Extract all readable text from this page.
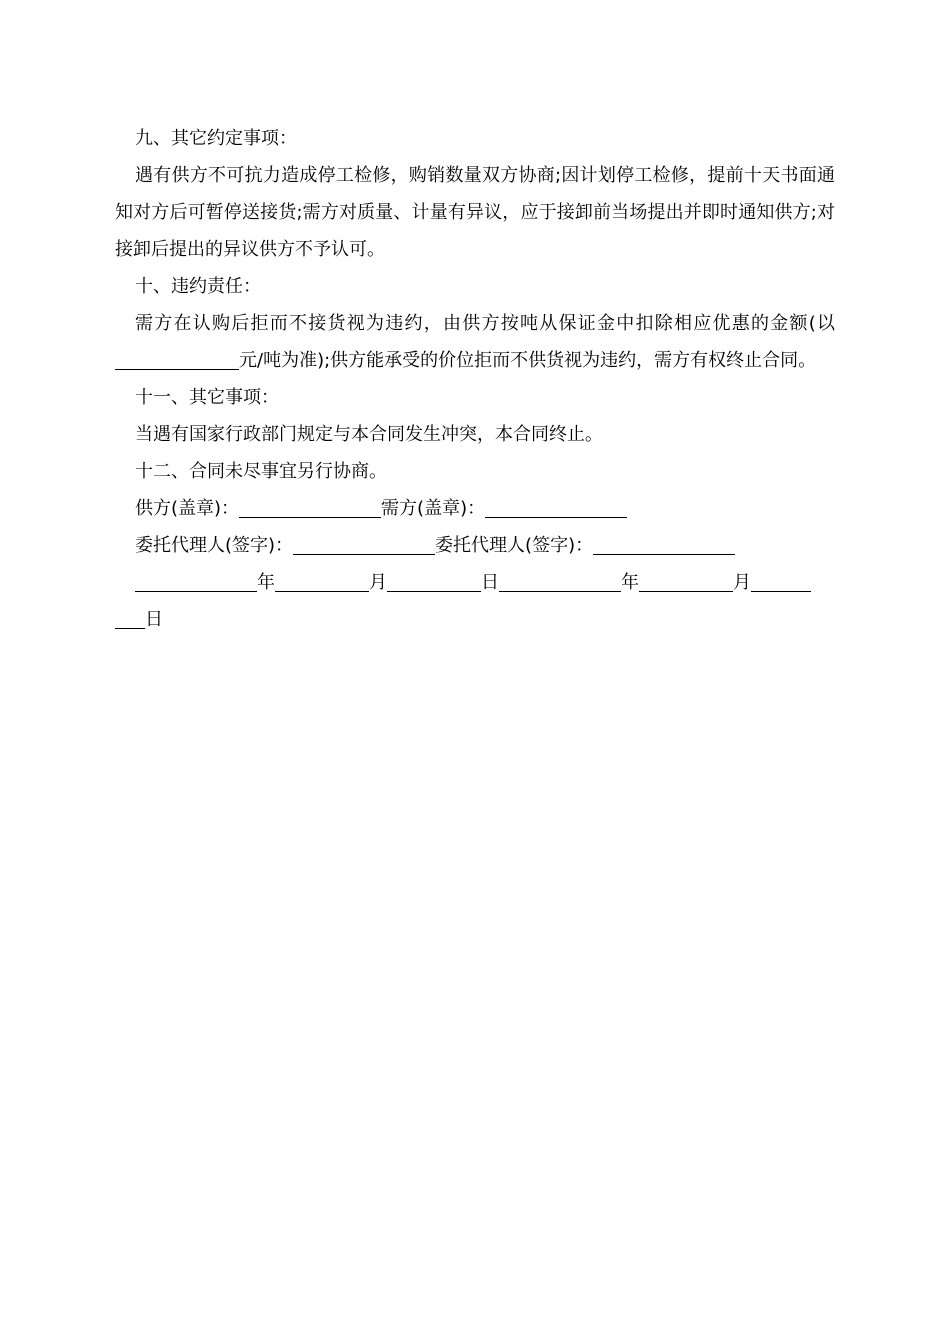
九、其它约定事项：

遇有供方不可抗力造成停工检修，购销数量双方协商;因计划停工检修，提前十天书面通知对方后可暂停送接货;需方对质量、计量有异议，应于接卸前当场提出并即时通知供方;对接卸后提出的异议供方不予认可。

十、违约责任：

需方在认购后拒而不接货视为违约，由供方按吨从保证金中扣除相应优惠的金额(以元/吨为准);供方能承受的价位拒而不供货视为违约，需方有权终止合同。

十一、其它事项：

当遇有国家行政部门规定与本合同发生冲突，本合同终止。

十二、合同未尽事宜另行协商。

供方(盖章)：	需方(盖章)：

委托代理人(签字)：	委托代理人(签字)：

年	月	日	年	月

日
